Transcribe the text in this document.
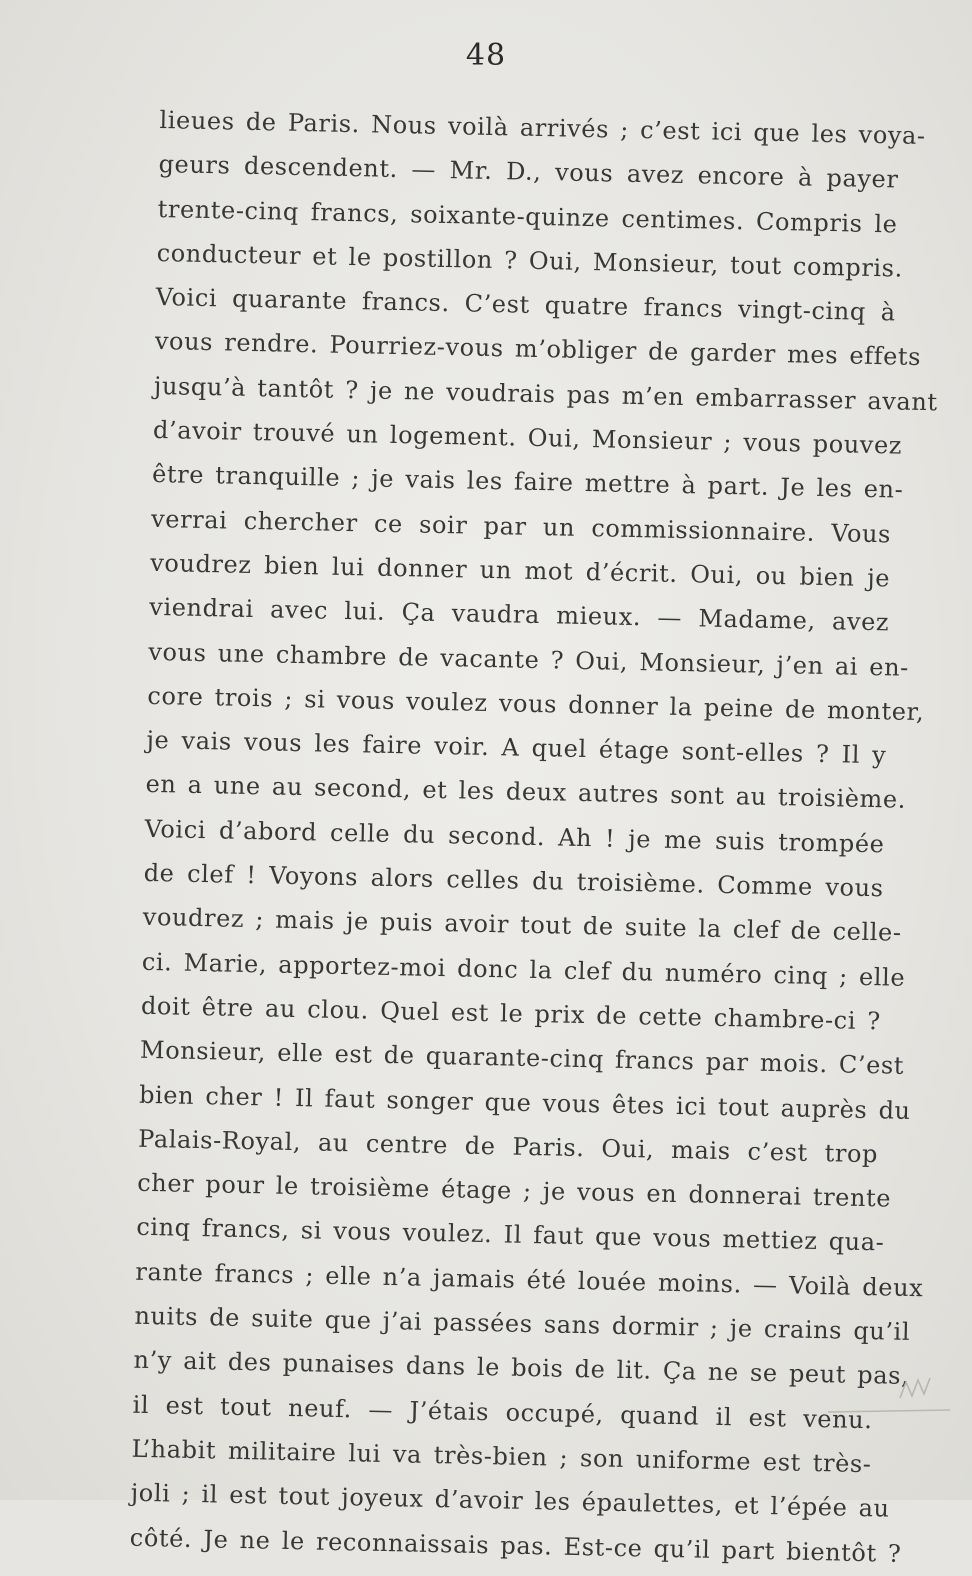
48
lieues de Paris. Nous voilà arrivés ; c’est ici que les voya-
geurs descendent. — Mr. D., vous avez encore à payer
trente-cinq francs, soixante-quinze centimes. Compris le
conducteur et le postillon ? Oui, Monsieur, tout compris.
Voici quarante francs. C’est quatre francs vingt-cinq à
vous rendre. Pourriez-vous m’obliger de garder mes effets
jusqu’à tantôt ? je ne voudrais pas m’en embarrasser avant
d’avoir trouvé un logement. Oui, Monsieur ; vous pouvez
être tranquille ; je vais les faire mettre à part. Je les en-
verrai chercher ce soir par un commissionnaire. Vous
voudrez bien lui donner un mot d’écrit. Oui, ou bien je
viendrai avec lui. Ça vaudra mieux. — Madame, avez
vous une chambre de vacante ? Oui, Monsieur, j’en ai en-
core trois ; si vous voulez vous donner la peine de monter,
je vais vous les faire voir. A quel étage sont-elles ? Il y
en a une au second, et les deux autres sont au troisième.
Voici d’abord celle du second. Ah ! je me suis trompée
de clef ! Voyons alors celles du troisième. Comme vous
voudrez ; mais je puis avoir tout de suite la clef de celle-
ci. Marie, apportez-moi donc la clef du numéro cinq ; elle
doit être au clou. Quel est le prix de cette chambre-ci ?
Monsieur, elle est de quarante-cinq francs par mois. C’est
bien cher ! Il faut songer que vous êtes ici tout auprès du
Palais-Royal, au centre de Paris. Oui, mais c’est trop
cher pour le troisième étage ; je vous en donnerai trente
cinq francs, si vous voulez. Il faut que vous mettiez qua-
rante francs ; elle n’a jamais été louée moins. — Voilà deux
nuits de suite que j’ai passées sans dormir ; je crains qu’il
n’y ait des punaises dans le bois de lit. Ça ne se peut pas,
il est tout neuf. — J’étais occupé, quand il est venu.
L’habit militaire lui va très-bien ; son uniforme est très-
joli ; il est tout joyeux d’avoir les épaulettes, et l’épée au
côté. Je ne le reconnaissais pas. Est-ce qu’il part bientôt ?
